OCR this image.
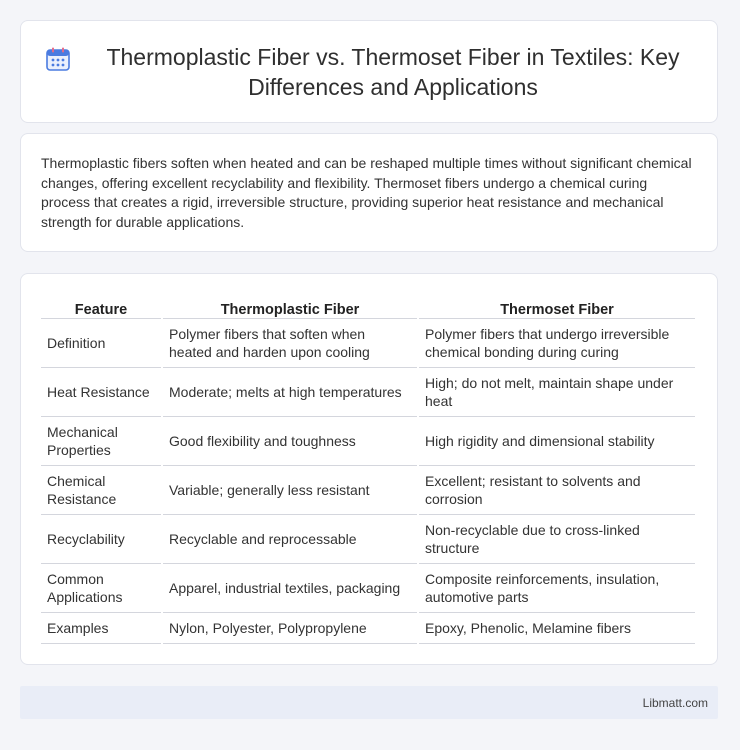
Thermoplastic Fiber vs. Thermoset Fiber in Textiles: Key Differences and Applications

Thermoplastic fibers soften when heated and can be reshaped multiple times without significant chemical changes, offering excellent recyclability and flexibility. Thermoset fibers undergo a chemical curing process that creates a rigid, irreversible structure, providing superior heat resistance and mechanical strength for durable applications.

Feature	Thermoplastic Fiber	Thermoset Fiber
Definition	Polymer fibers that soften when heated and harden upon cooling	Polymer fibers that undergo irreversible chemical bonding during curing
Heat Resistance	Moderate; melts at high temperatures	High; do not melt, maintain shape under heat
Mechanical Properties	Good flexibility and toughness	High rigidity and dimensional stability
Chemical Resistance	Variable; generally less resistant	Excellent; resistant to solvents and corrosion
Recyclability	Recyclable and reprocessable	Non-recyclable due to cross-linked structure
Common Applications	Apparel, industrial textiles, packaging	Composite reinforcements, insulation, automotive parts
Examples	Nylon, Polyester, Polypropylene	Epoxy, Phenolic, Melamine fibers
Libmatt.com
